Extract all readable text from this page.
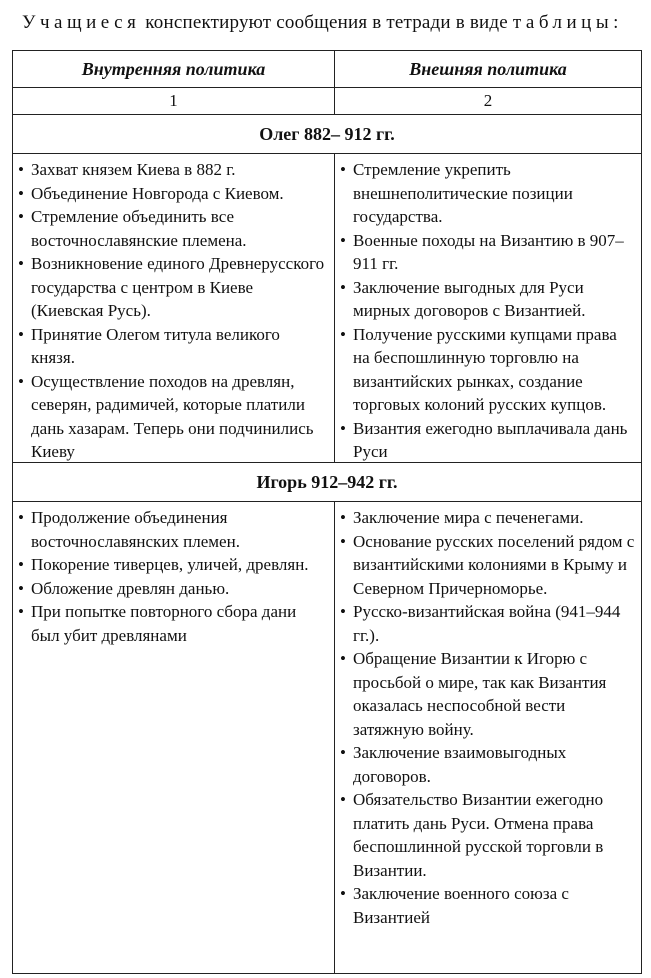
Учащиеся конспектируют сообщения в тетради в виде таблицы:
Внутренняя политика	Внешняя политика
1	2
Олег 882– 912 гг.
• Захват князем Киева в 882 г.
• Объединение Новгорода с Киевом.
• Стремление объединить все восточнославянские племена.
• Возникновение единого Древнерусского государства с центром в Киеве (Киевская Русь).
• Принятие Олегом титула великого князя.
• Осуществление походов на древлян, северян, радимичей, которые платили дань хазарам. Теперь они подчинились Киеву
• Стремление укрепить внешнеполитические позиции государства.
• Военные походы на Византию в 907–911 гг.
• Заключение выгодных для Руси мирных договоров с Византией.
• Получение русскими купцами права на беспошлинную торговлю на византийских рынках, создание торговых колоний русских купцов.
• Византия ежегодно выплачивала дань Руси
Игорь 912–942 гг.
• Продолжение объединения восточнославянских племен.
• Покорение тиверцев, уличей, древлян.
• Обложение древлян данью.
• При попытке повторного сбора дани был убит древлянами
• Заключение мира с печенегами.
• Основание русских поселений рядом с византийскими колониями в Крыму и Северном Причерноморье.
• Русско-византийская война (941–944 гг.).
• Обращение Византии к Игорю с просьбой о мире, так как Византия оказалась неспособной вести затяжную войну.
• Заключение взаимовыгодных договоров.
• Обязательство Византии ежегодно платить дань Руси. Отмена права беспошлинной русской торговли в Византии.
• Заключение военного союза с Византией
